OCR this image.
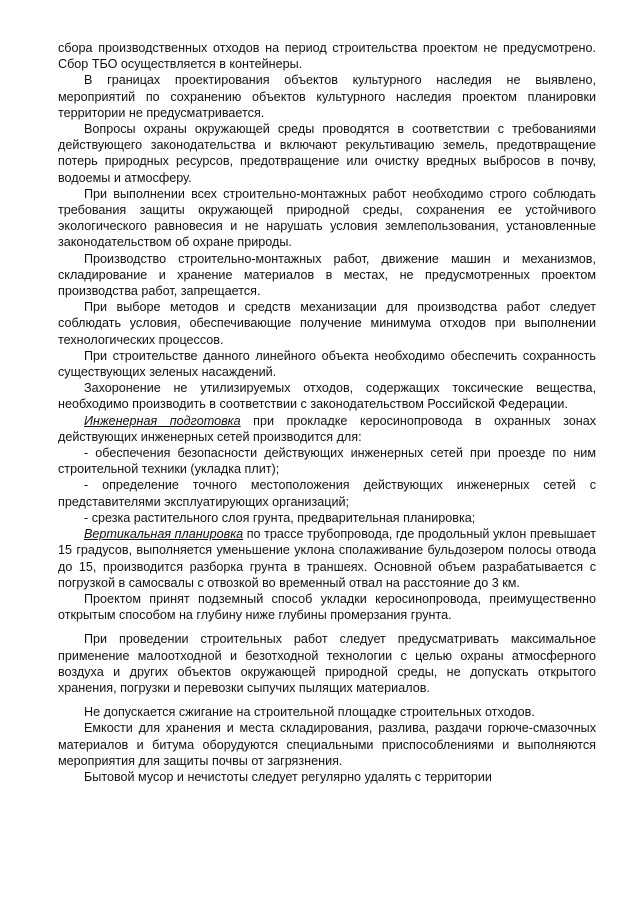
сбора производственных отходов на период строительства проектом не предусмотрено. Сбор ТБО осуществляется в контейнеры.

В границах проектирования объектов культурного наследия не выявлено, мероприятий по сохранению объектов культурного наследия проектом планировки территории не предусматривается.

Вопросы охраны окружающей среды проводятся в соответствии с требованиями действующего законодательства и включают рекультивацию земель, предотвращение потерь природных ресурсов, предотвращение или очистку вредных выбросов в почву, водоемы и атмосферу.

При выполнении всех строительно-монтажных работ необходимо строго соблюдать требования защиты окружающей природной среды, сохранения ее устойчивого экологического равновесия и не нарушать условия землепользования, установленные законодательством об охране природы.

Производство строительно-монтажных работ, движение машин и механизмов, складирование и хранение материалов в местах, не предусмотренных проектом производства работ, запрещается.

При выборе методов и средств механизации для производства работ следует соблюдать условия, обеспечивающие получение минимума отходов при выполнении технологических процессов.

При строительстве данного линейного объекта необходимо обеспечить сохранность существующих зеленых насаждений.

Захоронение не утилизируемых отходов, содержащих токсические вещества, необходимо производить в соответствии с законодательством Российской Федерации.

Инженерная подготовка при прокладке керосинопровода в охранных зонах действующих инженерных сетей производится для:

- обеспечения безопасности действующих инженерных сетей при проезде по ним строительной техники (укладка плит);

- определение точного местоположения действующих инженерных сетей с представителями эксплуатирующих организаций;

- срезка растительного слоя грунта, предварительная планировка;

Вертикальная планировка по трассе трубопровода, где продольный уклон превышает 15 градусов, выполняется уменьшение уклона сполаживание бульдозером полосы отвода до 15, производится разборка грунта в траншеях. Основной объем разрабатывается с погрузкой в самосвалы с отвозкой во временный отвал на расстояние до 3 км.

Проектом принят подземный способ укладки керосинопровода, преимущественно открытым способом на глубину ниже глубины промерзания грунта.

При проведении строительных работ следует предусматривать максимальное применение малоотходной и безотходной технологии с целью охраны атмосферного воздуха и других объектов окружающей природной среды, не допускать открытого хранения, погрузки и перевозки сыпучих пылящих материалов.

Не допускается сжигание на строительной площадке строительных отходов.

Емкости для хранения и места складирования, разлива, раздачи горюче-смазочных материалов и битума оборудуются специальными приспособлениями и выполняются мероприятия для защиты почвы от загрязнения.

Бытовой мусор и нечистоты следует регулярно удалять с территории
